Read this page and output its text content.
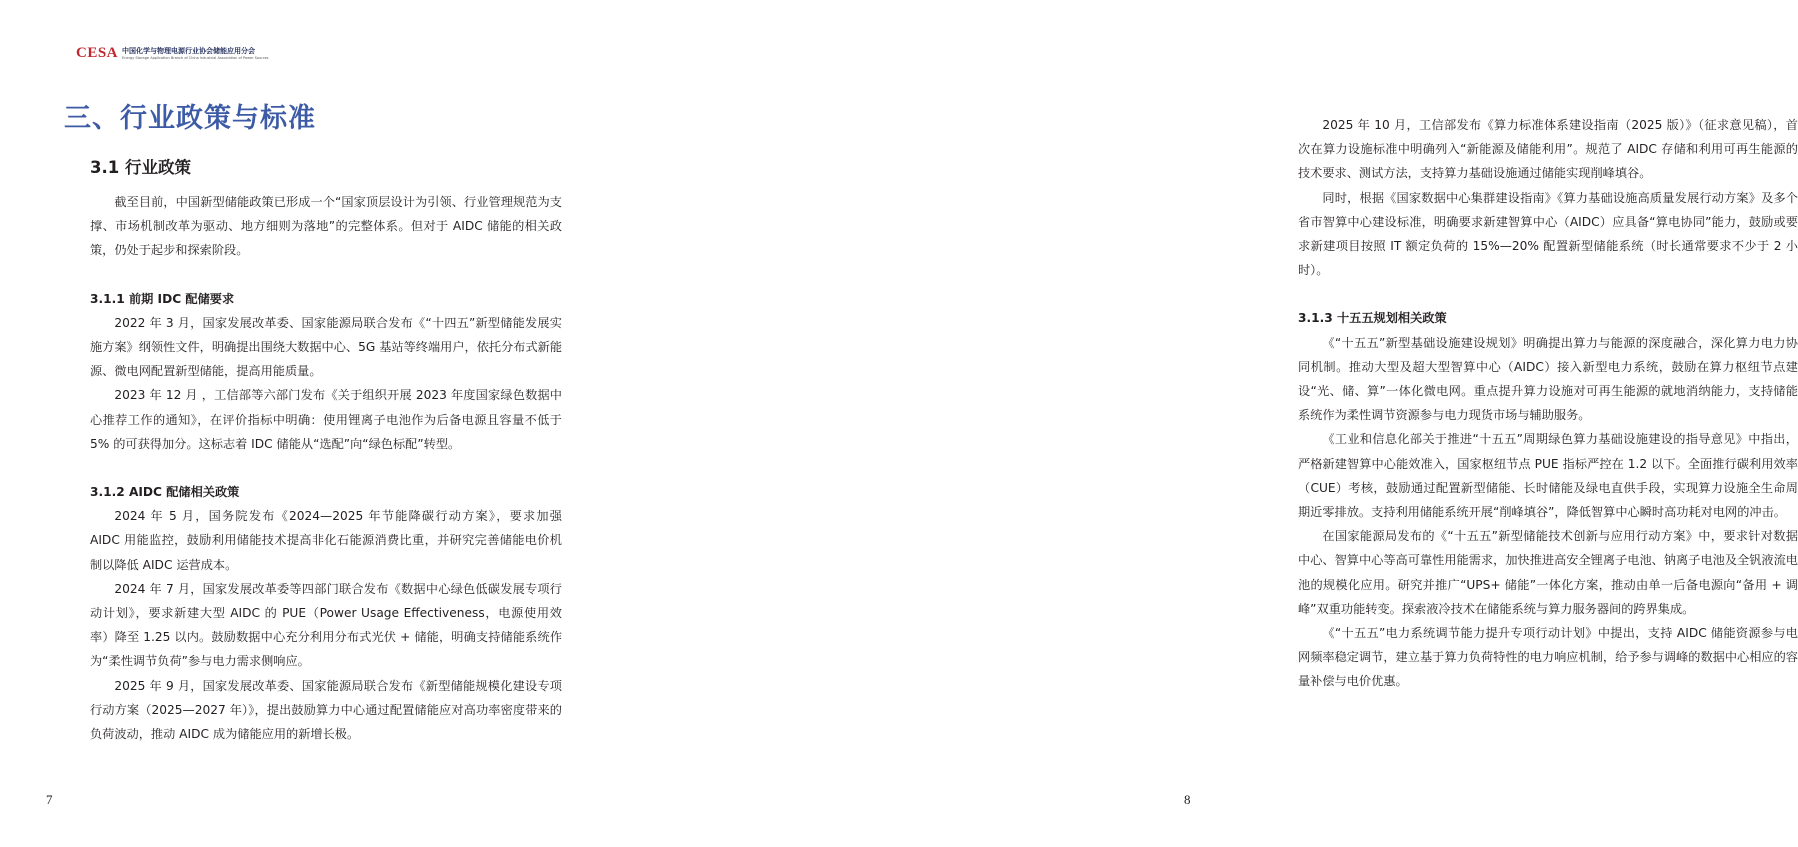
CESA 中国化学与物理电源行业协会储能应用分会
Energy Storage Application Branch of China Industrial Association of Power Sources
三、行业政策与标准
3.1 行业政策

截至目前，中国新型储能政策已形成一个“国家顶层设计为引领、行业管理规范为支撑、市场机制改革为驱动、地方细则为落地”的完整体系。但对于 AIDC 储能的相关政策，仍处于起步和探索阶段。

3.1.1 前期 IDC 配储要求

2022 年 3 月，国家发展改革委、国家能源局联合发布《“十四五”新型储能发展实施方案》纲领性文件，明确提出围绕大数据中心、5G 基站等终端用户，依托分布式新能源、微电网配置新型储能，提高用能质量。

2023 年 12 月 ，工信部等六部门发布《关于组织开展 2023 年度国家绿色数据中心推荐工作的通知》，在评价指标中明确：使用锂离子电池作为后备电源且容量不低于 5% 的可获得加分。这标志着 IDC 储能从“选配”向“绿色标配”转型。

3.1.2 AIDC 配储相关政策

2024 年 5 月，国务院发布《2024—2025 年节能降碳行动方案》，要求加强 AIDC 用能监控，鼓励利用储能技术提高非化石能源消费比重，并研究完善储能电价机制以降低 AIDC 运营成本。

2024 年 7 月，国家发展改革委等四部门联合发布《数据中心绿色低碳发展专项行动计划》，要求新建大型 AIDC 的 PUE（Power Usage Effectiveness，电源使用效率）降至 1.25 以内。鼓励数据中心充分利用分布式光伏 + 储能，明确支持储能系统作为“柔性调节负荷”参与电力需求侧响应。

2025 年 9 月，国家发展改革委、国家能源局联合发布《新型储能规模化建设专项行动方案（2025—2027 年）》，提出鼓励算力中心通过配置储能应对高功率密度带来的负荷波动，推动 AIDC 成为储能应用的新增长极。

7

2025 年 10 月，工信部发布《算力标准体系建设指南（2025 版）》（征求意见稿），首次在算力设施标准中明确列入“新能源及储能利用”。规范了 AIDC 存储和利用可再生能源的技术要求、测试方法，支持算力基础设施通过储能实现削峰填谷。

同时，根据《国家数据中心集群建设指南》《算力基础设施高质量发展行动方案》及多个省市智算中心建设标准，明确要求新建智算中心（AIDC）应具备“算电协同”能力，鼓励或要求新建项目按照 IT 额定负荷的 15%—20% 配置新型储能系统（时长通常要求不少于 2 小时）。

3.1.3 十五五规划相关政策

《“十五五”新型基础设施建设规划》明确提出算力与能源的深度融合，深化算力电力协同机制。推动大型及超大型智算中心（AIDC）接入新型电力系统，鼓励在算力枢纽节点建设“光、储、算”一体化微电网。重点提升算力设施对可再生能源的就地消纳能力，支持储能系统作为柔性调节资源参与电力现货市场与辅助服务。

《工业和信息化部关于推进“十五五”周期绿色算力基础设施建设的指导意见》中指出，严格新建智算中心能效准入，国家枢纽节点 PUE 指标严控在 1.2 以下。全面推行碳利用效率（CUE）考核，鼓励通过配置新型储能、长时储能及绿电直供手段，实现算力设施全生命周期近零排放。支持利用储能系统开展“削峰填谷”，降低智算中心瞬时高功耗对电网的冲击。

在国家能源局发布的《“十五五”新型储能技术创新与应用行动方案》中，要求针对数据中心、智算中心等高可靠性用能需求，加快推进高安全锂离子电池、钠离子电池及全钒液流电池的规模化应用。研究并推广“UPS+ 储能”一体化方案，推动由单一后备电源向“备用 + 调峰”双重功能转变。探索液冷技术在储能系统与算力服务器间的跨界集成。

《“十五五”电力系统调节能力提升专项行动计划》中提出，支持 AIDC 储能资源参与电网频率稳定调节，建立基于算力负荷特性的电力响应机制，给予参与调峰的数据中心相应的容量补偿与电价优惠。

8
